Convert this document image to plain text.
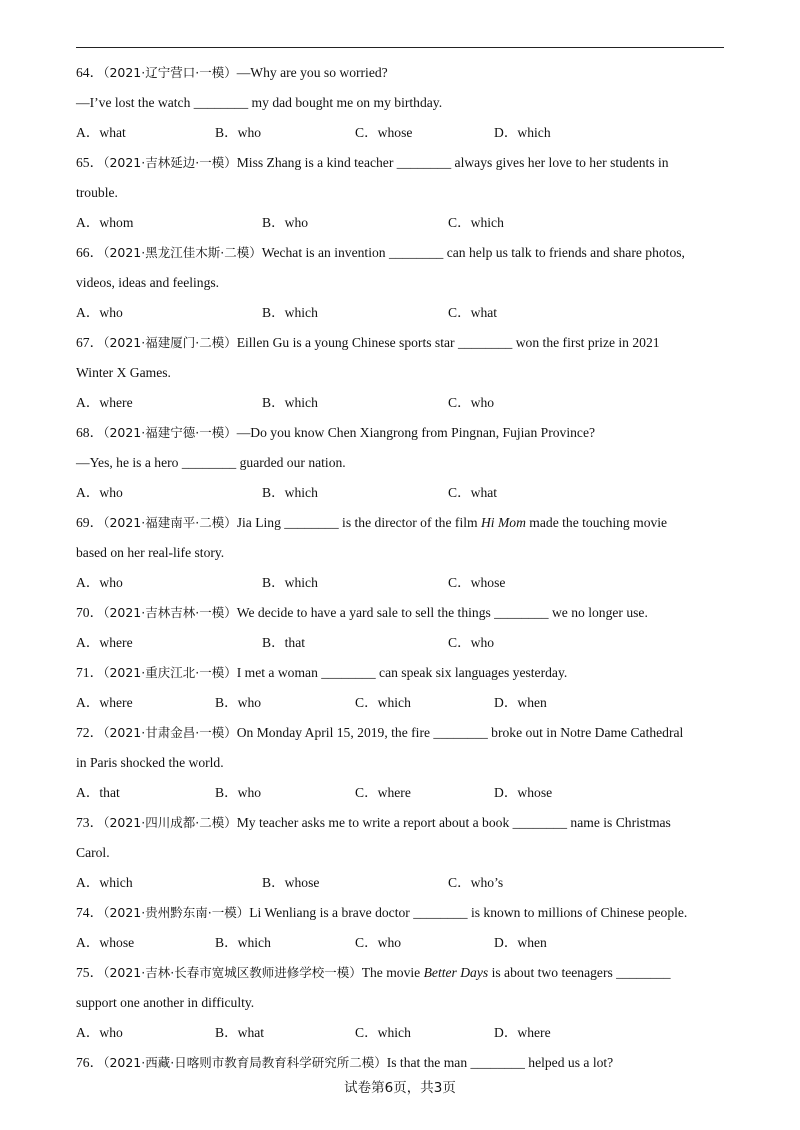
64．（2021·辽宁营口·一模）—Why are you so worried?
—I’ve lost the watch ________ my dad bought me on my birthday.
A．what	B．who	C．whose	D．which
65．（2021·吉林延边·一模）Miss Zhang is a kind teacher ________ always gives her love to her students in
trouble.
A．whom	B．who	C．which
66．（2021·黑龙江佳木斯·二模）Wechat is an invention ________ can help us talk to friends and share photos,
videos, ideas and feelings.
A．who	B．which	C．what
67．（2021·福建厦门·二模）Eillen Gu is a young Chinese sports star ________ won the first prize in 2021
Winter X Games.
A．where	B．which	C．who
68．（2021·福建宁德·一模）—Do you know Chen Xiangrong from Pingnan, Fujian Province?
—Yes, he is a hero ________ guarded our nation.
A．who	B．which	C．what
69．（2021·福建南平·二模）Jia Ling ________ is the director of the film Hi Mom made the touching movie
based on her real-life story.
A．who	B．which	C．whose
70．（2021·吉林吉林·一模）We decide to have a yard sale to sell the things ________ we no longer use.
A．where	B．that	C．who
71．（2021·重庆江北·一模）I met a woman ________ can speak six languages yesterday.
A．where	B．who	C．which	D．when
72．（2021·甘肃金昌·一模）On Monday April 15, 2019, the fire ________ broke out in Notre Dame Cathedral
in Paris shocked the world.
A．that	B．who	C．where	D．whose
73．（2021·四川成都·二模）My teacher asks me to write a report about a book ________ name is Christmas
Carol.
A．which	B．whose	C．who’s
74．（2021·贵州黔东南·一模）Li Wenliang is a brave doctor ________ is known to millions of Chinese people.
A．whose	B．which	C．who	D．when
75．（2021·吉林·长春市宽城区教师进修学校一模）The movie Better Days is about two teenagers ________
support one another in difficulty.
A．who	B．what	C．which	D．where
76．（2021·西藏·日喀则市教育局教育科学研究所二模）Is that the man ________ helped us a lot?
试卷第6页，共3页
